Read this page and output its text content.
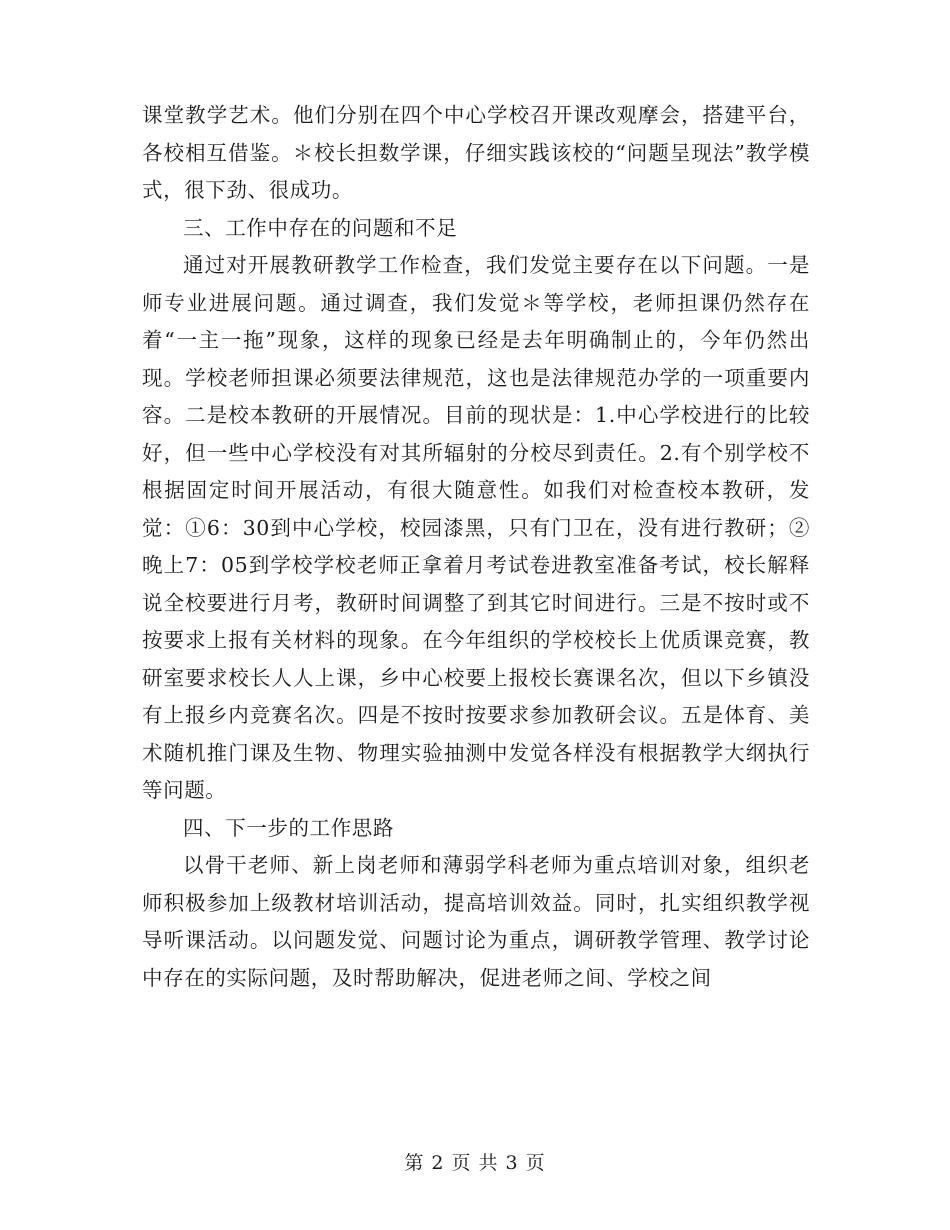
课堂教学艺术。他们分别在四个中心学校召开课改观摩会，搭建平台，各校相互借鉴。＊校长担数学课，仔细实践该校的“问题呈现法”教学模式，很下劲、很成功。

三、工作中存在的问题和不足

通过对开展教研教学工作检查，我们发觉主要存在以下问题。一是师专业进展问题。通过调查，我们发觉＊等学校，老师担课仍然存在着“一主一拖”现象，这样的现象已经是去年明确制止的，今年仍然出现。学校老师担课必须要法律规范，这也是法律规范办学的一项重要内容。二是校本教研的开展情况。目前的现状是：1.中心学校进行的比较好，但一些中心学校没有对其所辐射的分校尽到责任。2.有个别学校不根据固定时间开展活动，有很大随意性。如我们对检查校本教研，发觉：①6：30到中心学校，校园漆黑，只有门卫在，没有进行教研；②晚上7：05到学校学校老师正拿着月考试卷进教室准备考试，校长解释说全校要进行月考，教研时间调整了到其它时间进行。三是不按时或不按要求上报有关材料的现象。在今年组织的学校校长上优质课竞赛，教研室要求校长人人上课，乡中心校要上报校长赛课名次，但以下乡镇没有上报乡内竞赛名次。四是不按时按要求参加教研会议。五是体育、美术随机推门课及生物、物理实验抽测中发觉各样没有根据教学大纲执行等问题。

四、下一步的工作思路

以骨干老师、新上岗老师和薄弱学科老师为重点培训对象，组织老师积极参加上级教材培训活动，提高培训效益。同时，扎实组织教学视导听课活动。以问题发觉、问题讨论为重点，调研教学管理、教学讨论中存在的实际问题，及时帮助解决，促进老师之间、学校之间

第 2 页 共 3 页
